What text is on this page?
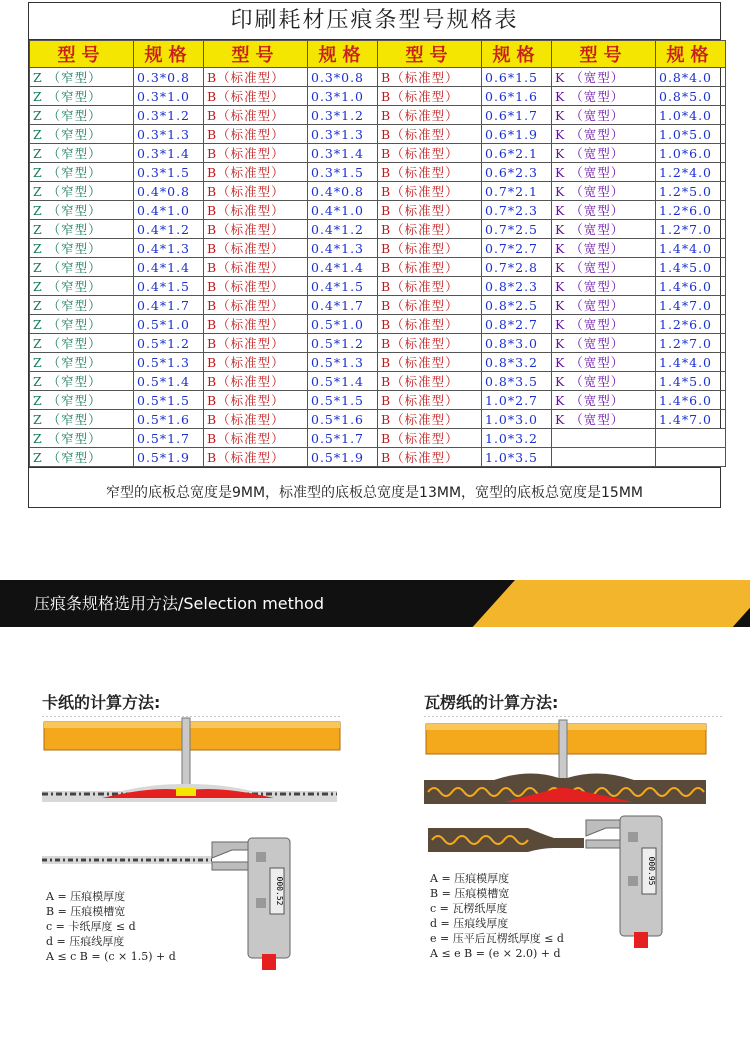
印刷耗材压痕条型号规格表
型号	规格	型号	规格	型号	规格	型号	规格
Z （窄型）	0.3*0.8	B（标准型）	0.3*0.8	B（标准型）	0.6*1.5	K （宽型）	0.8*4.0
Z （窄型）	0.3*1.0	B（标准型）	0.3*1.0	B（标准型）	0.6*1.6	K （宽型）	0.8*5.0
Z （窄型）	0.3*1.2	B（标准型）	0.3*1.2	B（标准型）	0.6*1.7	K （宽型）	1.0*4.0
Z （窄型）	0.3*1.3	B（标准型）	0.3*1.3	B（标准型）	0.6*1.9	K （宽型）	1.0*5.0
Z （窄型）	0.3*1.4	B（标准型）	0.3*1.4	B（标准型）	0.6*2.1	K （宽型）	1.0*6.0
Z （窄型）	0.3*1.5	B（标准型）	0.3*1.5	B（标准型）	0.6*2.3	K （宽型）	1.2*4.0
Z （窄型）	0.4*0.8	B（标准型）	0.4*0.8	B（标准型）	0.7*2.1	K （宽型）	1.2*5.0
Z （窄型）	0.4*1.0	B（标准型）	0.4*1.0	B（标准型）	0.7*2.3	K （宽型）	1.2*6.0
Z （窄型）	0.4*1.2	B（标准型）	0.4*1.2	B（标准型）	0.7*2.5	K （宽型）	1.2*7.0
Z （窄型）	0.4*1.3	B（标准型）	0.4*1.3	B（标准型）	0.7*2.7	K （宽型）	1.4*4.0
Z （窄型）	0.4*1.4	B（标准型）	0.4*1.4	B（标准型）	0.7*2.8	K （宽型）	1.4*5.0
Z （窄型）	0.4*1.5	B（标准型）	0.4*1.5	B（标准型）	0.8*2.3	K （宽型）	1.4*6.0
Z （窄型）	0.4*1.7	B（标准型）	0.4*1.7	B（标准型）	0.8*2.5	K （宽型）	1.4*7.0
Z （窄型）	0.5*1.0	B（标准型）	0.5*1.0	B（标准型）	0.8*2.7	K （宽型）	1.2*6.0
Z （窄型）	0.5*1.2	B（标准型）	0.5*1.2	B（标准型）	0.8*3.0	K （宽型）	1.2*7.0
Z （窄型）	0.5*1.3	B（标准型）	0.5*1.3	B（标准型）	0.8*3.2	K （宽型）	1.4*4.0
Z （窄型）	0.5*1.4	B（标准型）	0.5*1.4	B（标准型）	0.8*3.5	K （宽型）	1.4*5.0
Z （窄型）	0.5*1.5	B（标准型）	0.5*1.5	B（标准型）	1.0*2.7	K （宽型）	1.4*6.0
Z （窄型）	0.5*1.6	B（标准型）	0.5*1.6	B（标准型）	1.0*3.0	K （宽型）	1.4*7.0
Z （窄型）	0.5*1.7	B（标准型）	0.5*1.7	B（标准型）	1.0*3.2		
Z （窄型）	0.5*1.9	B（标准型）	0.5*1.9	B（标准型）	1.0*3.5		
窄型的底板总宽度是9MM，标准型的底板总宽度是13MM，宽型的底板总宽度是15MM
压痕条规格选用方法/Selection method
卡纸的计算方法:
000.52
A = 压痕模厚度
B = 压痕模槽宽
c = 卡纸厚度 ≤ d
d = 压痕线厚度
A ≤ c B = (c × 1.5) + d
瓦楞纸的计算方法:
000.95
A = 压痕模厚度
B = 压痕模槽宽
c = 瓦楞纸厚度
d = 压痕线厚度
e = 压平后瓦楞纸厚度 ≤ d
A ≤ e B = (e × 2.0) + d
